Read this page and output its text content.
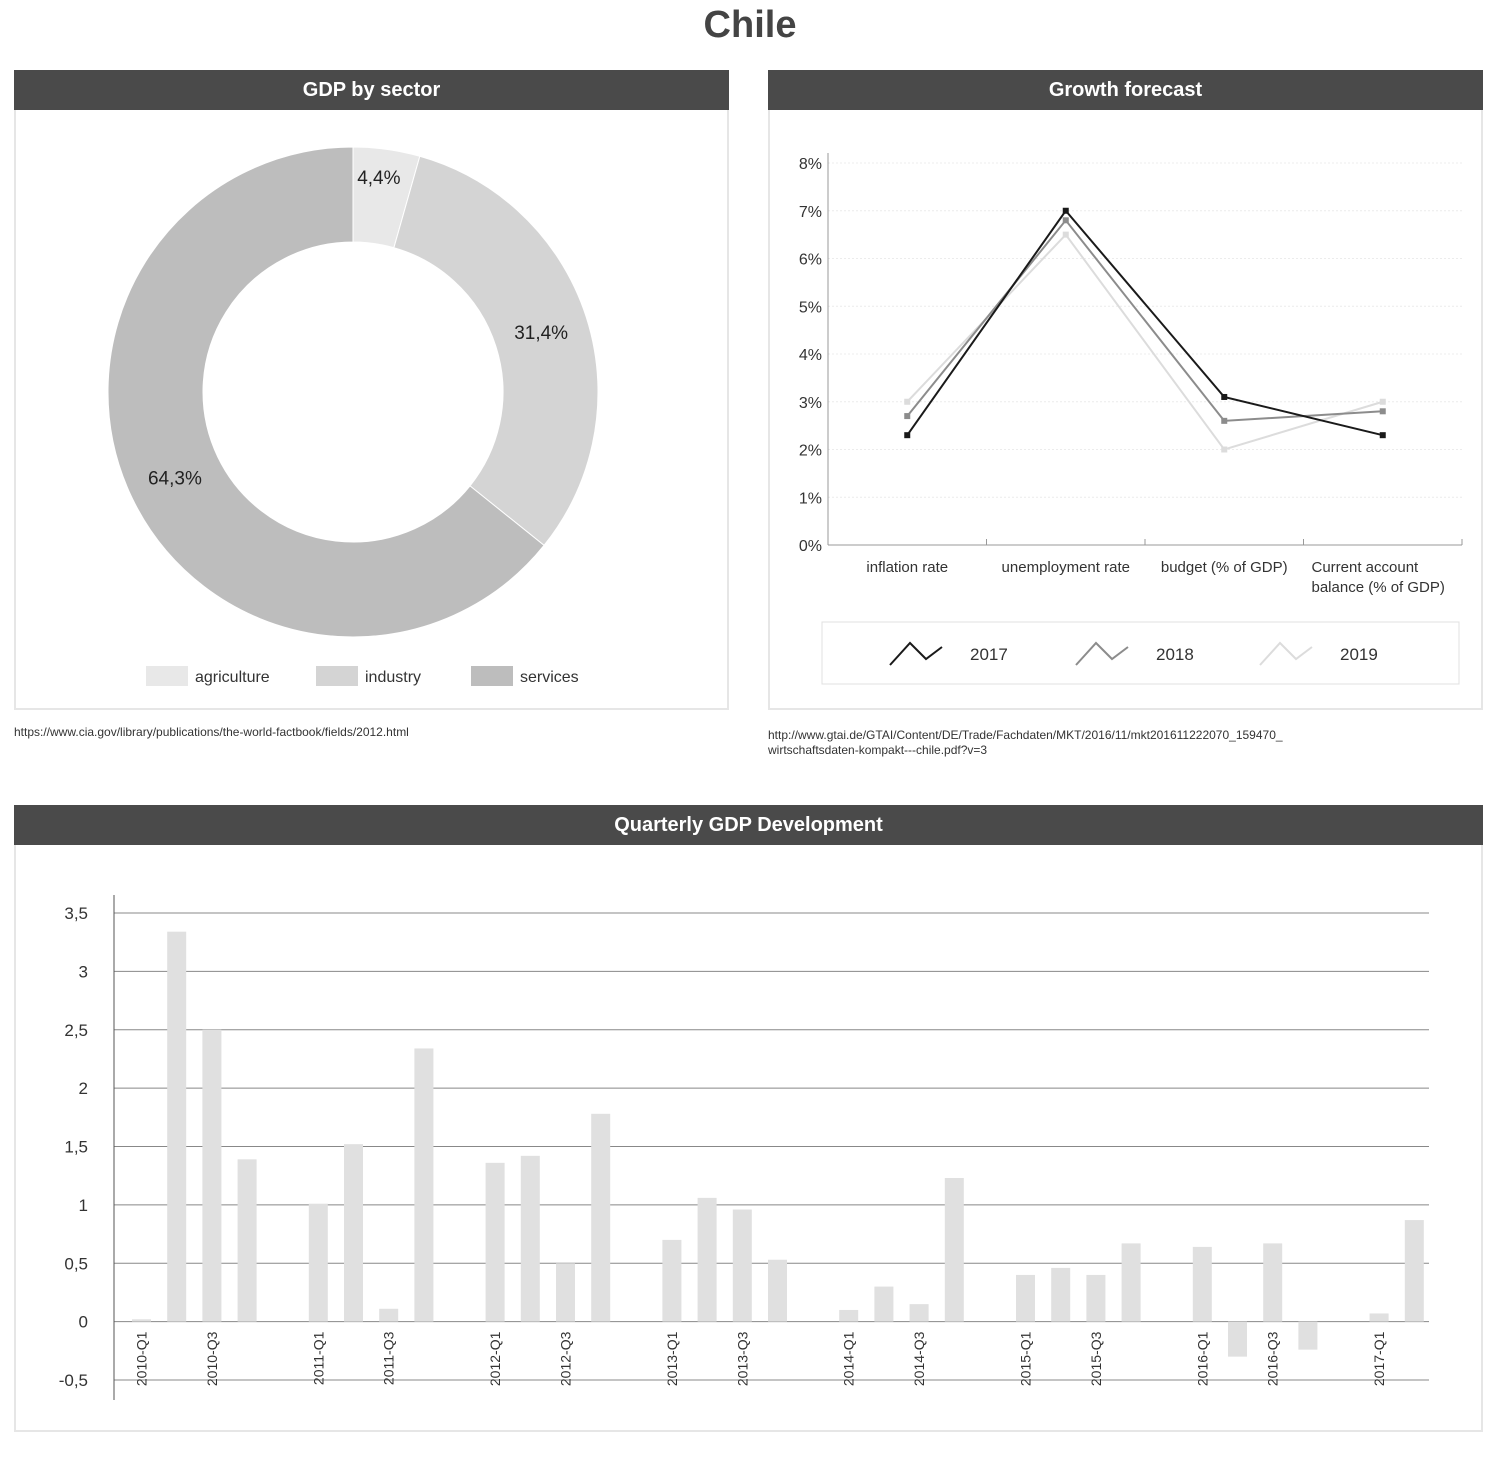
Chile
GDP by sector
4,4%
31,4%
64,3%
agriculture	industry	services
https://www.cia.gov/library/publications/the-world-factbook/fields/2012.html
Growth forecast
0%
1%
2%
3%
4%
5%
6%
7%
8%
inflation rate	unemployment rate budget (% of GDP) Current account
balance (% of GDP)
2017	2018	2019
http://www.gtai.de/GTAI/Content/DE/Trade/Fachdaten/MKT/2016/11/mkt201611222070_159470_
wirtschaftsdaten-kompakt---chile.pdf?v=3
Quarterly GDP Development
-0,5
0
0,5
1
1,5
2
2,5
3
3,5
2010-Q1	2010-Q3	2011-Q1	2011-Q3	2012-Q1	2012-Q3	2013-Q1	2013-Q3	2014-Q1	2014-Q3	2015-Q1	2015-Q3	2016-Q1	2016-Q3	2017-Q1
